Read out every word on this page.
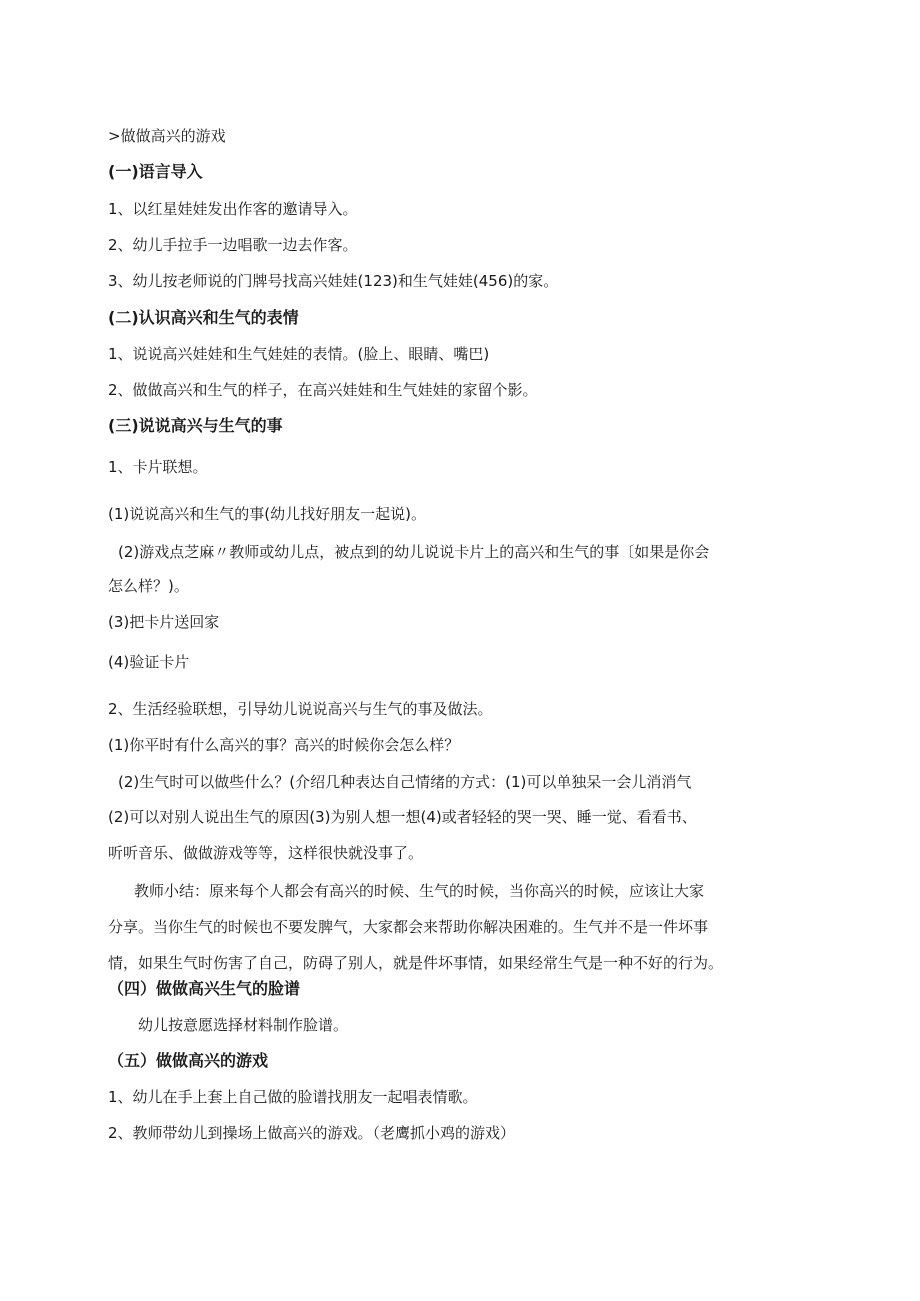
>做做高兴的游戏
(一)语言导入
1、以红星娃娃发出作客的邀请导入。
2、幼儿手拉手一边唱歌一边去作客。
3、幼儿按老师说的门牌号找高兴娃娃(123)和生气娃娃(456)的家。
(二)认识高兴和生气的表情
1、说说高兴娃娃和生气娃娃的表情。(脸上、眼睛、嘴巴)
2、做做高兴和生气的样子，在高兴娃娃和生气娃娃的家留个影。
(三)说说高兴与生气的事
1、卡片联想。
(1)说说高兴和生气的事(幼儿找好朋友一起说)。
(2)游戏点芝麻〃教师或幼儿点，被点到的幼儿说说卡片上的高兴和生气的事〔如果是你会
怎么样？)。
(3)把卡片送回家
(4)验证卡片
2、生活经验联想，引导幼儿说说高兴与生气的事及做法。
(1)你平时有什么高兴的事？高兴的时候你会怎么样？
(2)生气时可以做些什么？(介绍几种表达自己情绪的方式：(1)可以单独呆一会儿消消气
(2)可以对别人说出生气的原因(3)为别人想一想(4)或者轻轻的哭一哭、睡一觉、看看书、
听听音乐、做做游戏等等，这样很快就没事了。
教师小结：原来每个人都会有高兴的时候、生气的时候，当你高兴的时候，应该让大家
分享。当你生气的时候也不要发脾气，大家都会来帮助你解决困难的。生气并不是一件坏事
情，如果生气时伤害了自己，防碍了别人，就是件坏事情，如果经常生气是一种不好的行为。
（四）做做高兴生气的脸谱
幼儿按意愿选择材料制作脸谱。
（五）做做高兴的游戏
1、幼儿在手上套上自己做的脸谱找朋友一起唱表情歌。
2、教师带幼儿到操场上做高兴的游戏。（老鹰抓小鸡的游戏）
